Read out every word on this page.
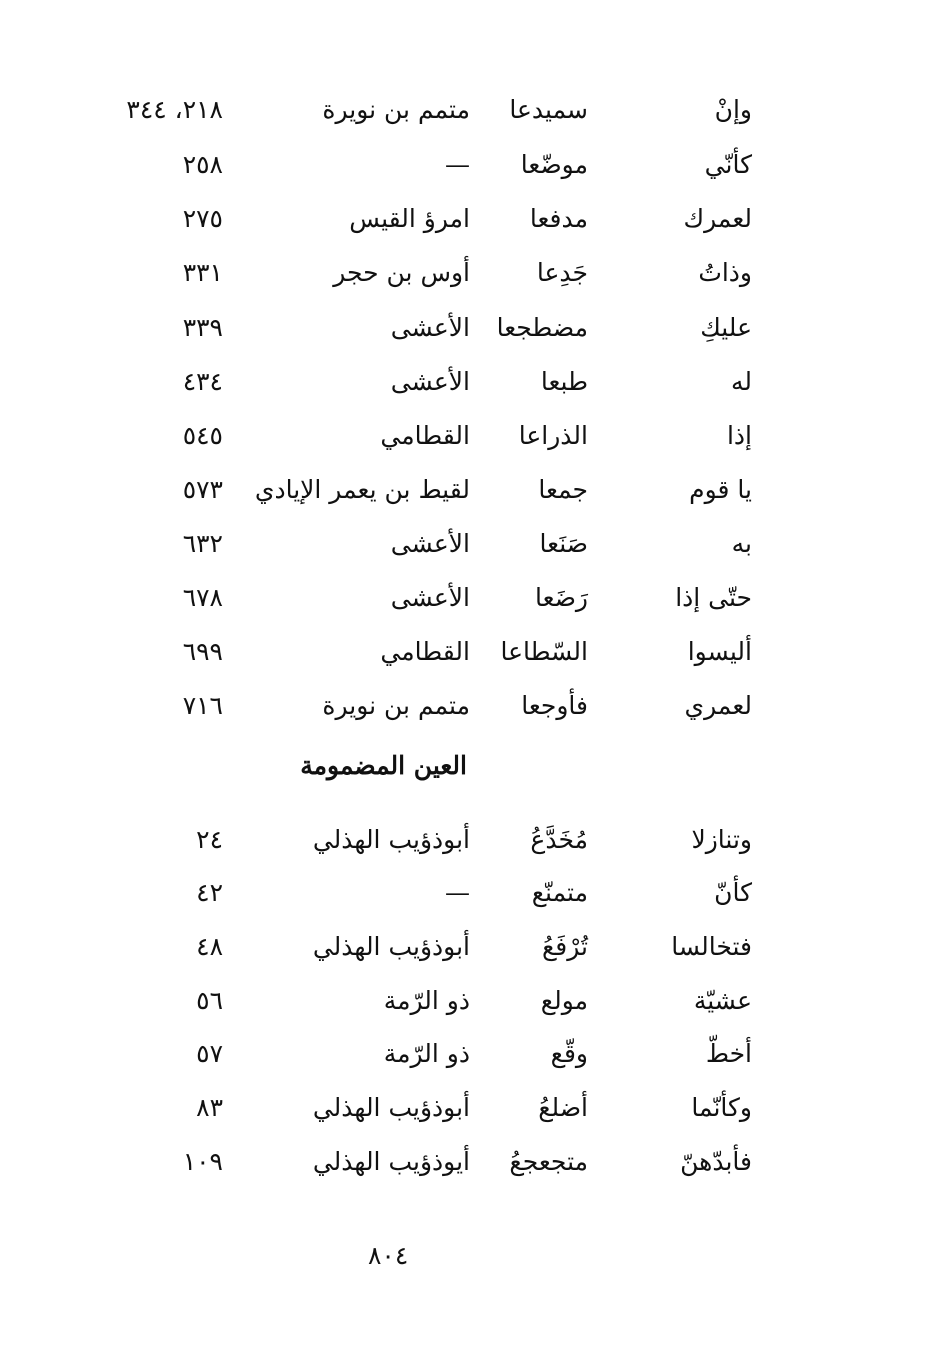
وإنْ
سميدعا
متمم بن نويرة
٢١٨، ٣٤٤
كأنّي
موضّعا
—
٢٥٨
لعمرك
مدفعا
امرؤ القيس
٢٧٥
وذاتُ
جَدِعا
أوس بن حجر
٣٣١
عليكِ
مضطجعا
الأعشى
٣٣٩
له
طبعا
الأعشى
٤٣٤
إذا
الذراعا
القطامي
٥٤٥
يا قوم
جمعا
لقيط بن يعمر الإيادي
٥٧٣
به
صَنَعا
الأعشى
٦٣٢
حتّى إذا
رَضَعا
الأعشى
٦٧٨
أليسوا
السّطاعا
القطامي
٦٩٩
لعمري
فأوجعا
متمم بن نويرة
٧١٦
العين المضمومة
وتنازلا
مُخَدَّعُ
أبوذؤيب الهذلي
٢٤
كأنّ
متمنّع
—
٤٢
فتخالسا
تُرْفَعُ
أبوذؤيب الهذلي
٤٨
عشيّة
مولع
ذو الرّمة
٥٦
أخطّ
وقّع
ذو الرّمة
٥٧
وكأنّما
أضلعُ
أبوذؤيب الهذلي
٨٣
فأبدّهنّ
متجعجعُ
أيوذؤيب الهذلي
١٠٩
٨٠٤
